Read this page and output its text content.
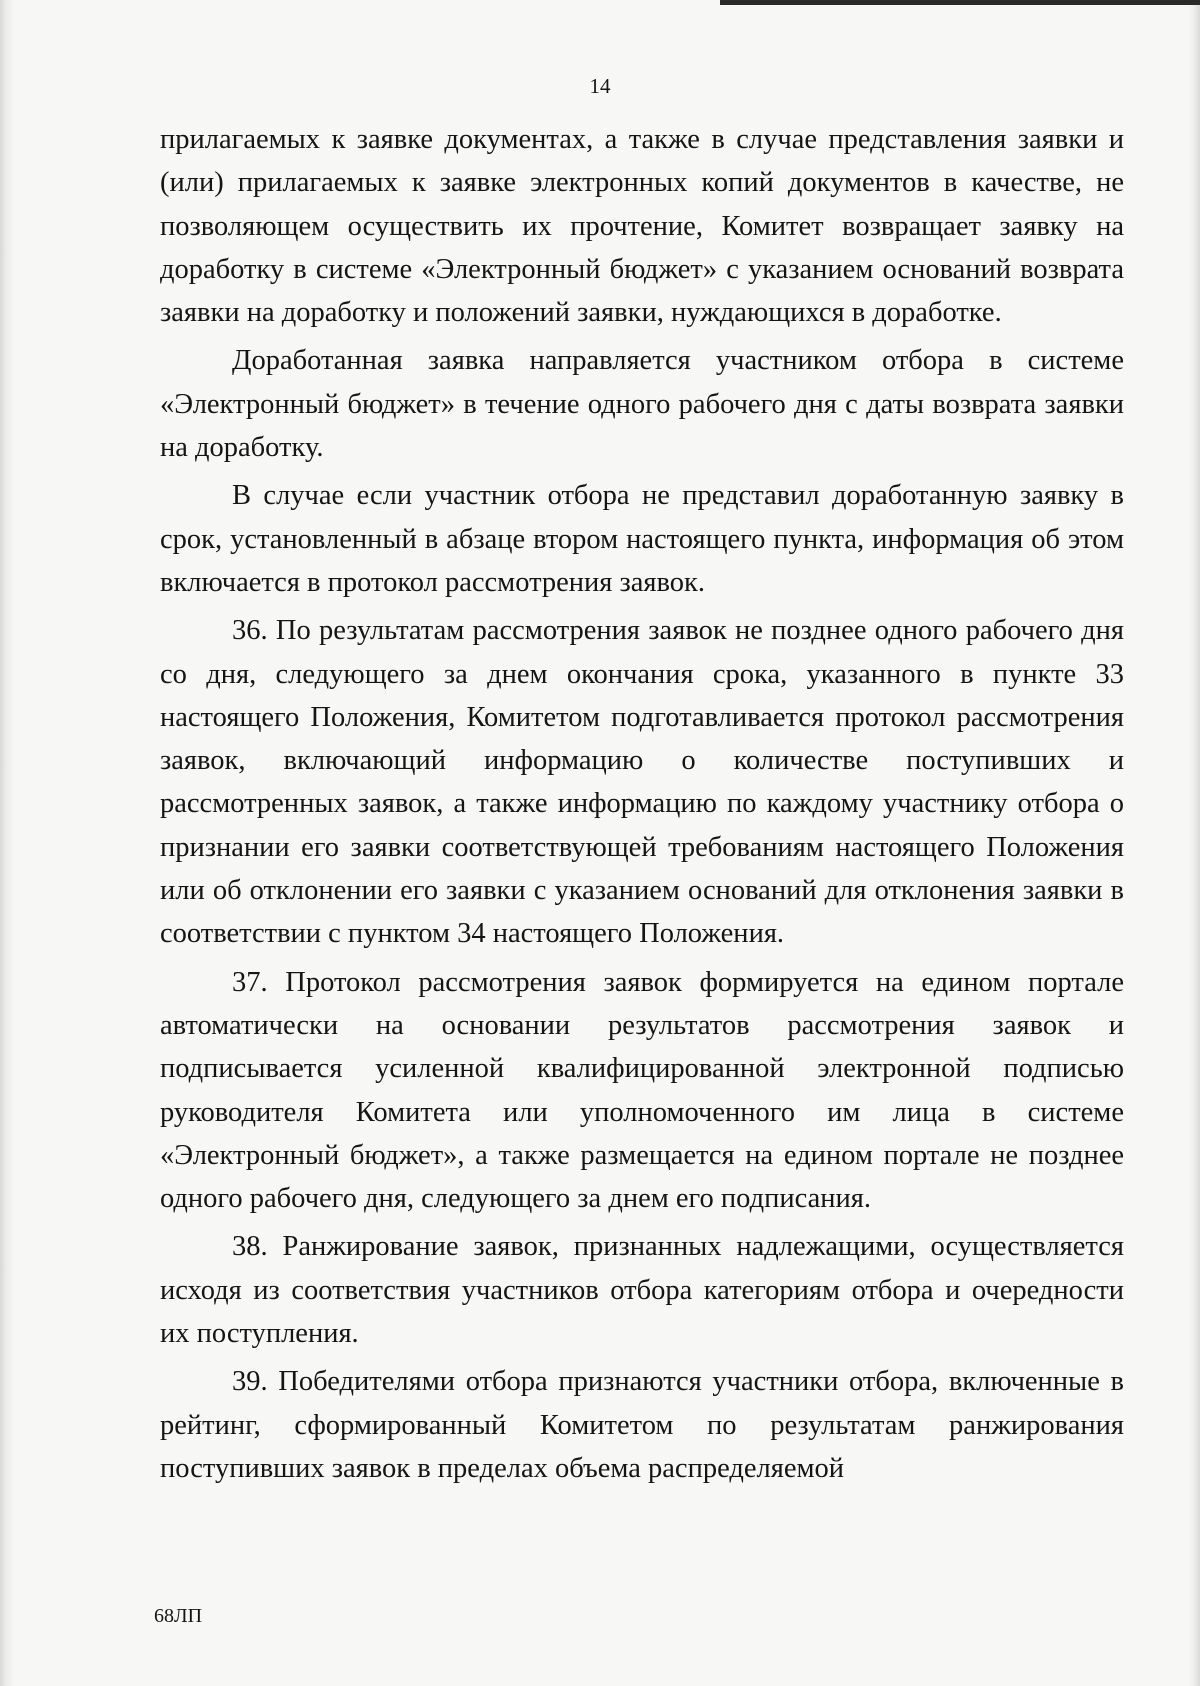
14

прилагаемых к заявке документах, а также в случае представления заявки и (или) прилагаемых к заявке электронных копий документов в качестве, не позволяющем осуществить их прочтение, Комитет возвращает заявку на доработку в системе «Электронный бюджет» с указанием оснований возврата заявки на доработку и положений заявки, нуждающихся в доработке.

Доработанная заявка направляется участником отбора в системе «Электронный бюджет» в течение одного рабочего дня с даты возврата заявки на доработку.

В случае если участник отбора не представил доработанную заявку в срок, установленный в абзаце втором настоящего пункта, информация об этом включается в протокол рассмотрения заявок.

36. По результатам рассмотрения заявок не позднее одного рабочего дня со дня, следующего за днем окончания срока, указанного в пункте 33 настоящего Положения, Комитетом подготавливается протокол рассмотрения заявок, включающий информацию о количестве поступивших и рассмотренных заявок, а также информацию по каждому участнику отбора о признании его заявки соответствующей требованиям настоящего Положения или об отклонении его заявки с указанием оснований для отклонения заявки в соответствии с пунктом 34 настоящего Положения.

37. Протокол рассмотрения заявок формируется на едином портале автоматически на основании результатов рассмотрения заявок и подписывается усиленной квалифицированной электронной подписью руководителя Комитета или уполномоченного им лица в системе «Электронный бюджет», а также размещается на едином портале не позднее одного рабочего дня, следующего за днем его подписания.

38. Ранжирование заявок, признанных надлежащими, осуществляется исходя из соответствия участников отбора категориям отбора и очередности их поступления.

39. Победителями отбора признаются участники отбора, включенные в рейтинг, сформированный Комитетом по результатам ранжирования поступивших заявок в пределах объема распределяемой

68ЛП
